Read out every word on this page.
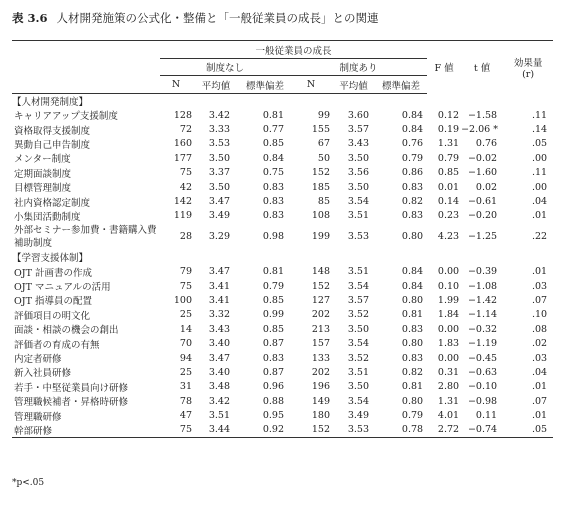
表 3.6 人材開発施策の公式化・整備と「一般従業員の成長」との関連
	一般従業員の成長						F 値	t 値	効果量
(r)

	制度なし			制度あり					
	N	平均値	標準偏差	N	平均値	標準偏差			
【人材開発制度】									
キャリアアップ支援制度	128	3.42	0.81	99	3.60	0.84	0.12	−1.58	.11
資格取得支援制度	72	3.33	0.77	155	3.57	0.84	0.19	−2.06 *	.14
異動自己申告制度	160	3.53	0.85	67	3.43	0.76	1.31	0.76	.05
メンター制度	177	3.50	0.84	50	3.50	0.79	0.79	−0.02	.00
定期面談制度	75	3.37	0.75	152	3.56	0.86	0.85	−1.60	.11
目標管理制度	42	3.50	0.83	185	3.50	0.83	0.01	0.02	.00
社内資格認定制度	142	3.47	0.83	85	3.54	0.82	0.14	−0.61	.04
小集団活動制度	119	3.49	0.83	108	3.51	0.83	0.23	−0.20	.01
外部セミナー参加費・書籍購入費補助制度	28	3.29	0.98	199	3.53	0.80	4.23	−1.25	.22
【学習支援体制】									
OJT 計画書の作成	79	3.47	0.81	148	3.51	0.84	0.00	−0.39	.01
OJT マニュアルの活用	75	3.41	0.79	152	3.54	0.84	0.10	−1.08	.03
OJT 指導員の配置	100	3.41	0.85	127	3.57	0.80	1.99	−1.42	.07
評価項目の明文化	25	3.32	0.99	202	3.52	0.81	1.84	−1.14	.10
面談・相談の機会の創出	14	3.43	0.85	213	3.50	0.83	0.00	−0.32	.08
評価者の育成の有無	70	3.40	0.87	157	3.54	0.80	1.83	−1.19	.02
内定者研修	94	3.47	0.83	133	3.52	0.83	0.00	−0.45	.03
新入社員研修	25	3.40	0.87	202	3.51	0.82	0.31	−0.63	.04
若手・中堅従業員向け研修	31	3.48	0.96	196	3.50	0.81	2.80	−0.10	.01
管理職候補者・昇格時研修	78	3.42	0.88	149	3.54	0.80	1.31	−0.98	.07
管理職研修	47	3.51	0.95	180	3.49	0.79	4.01	0.11	.01
幹部研修	75	3.44	0.92	152	3.53	0.78	2.72	−0.74	.05
*p<.05
